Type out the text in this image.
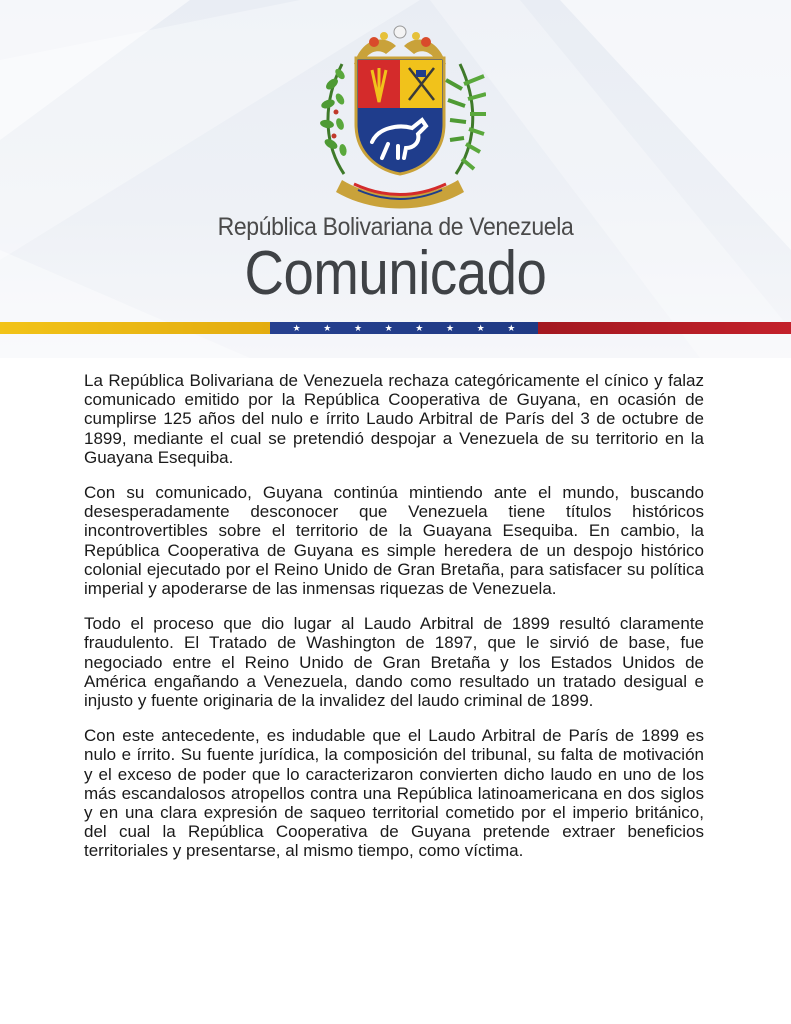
República Bolivariana de Venezuela
Comunicado
★	★	★	★	★	★	★	★

La República Bolivariana de Venezuela rechaza categóricamente el cínico y falaz comunicado emitido por la República Cooperativa de Guyana, en ocasión de cumplirse 125 años del nulo e írrito Laudo Arbitral de París del 3 de octubre de 1899, mediante el cual se pretendió despojar a Venezuela de su territorio en la Guayana Esequiba.

Con su comunicado, Guyana continúa mintiendo ante el mundo, buscando desesperadamente desconocer que Venezuela tiene títulos históricos incontrovertibles sobre el territorio de la Guayana Esequiba. En cambio, la República Cooperativa de Guyana es simple heredera de un despojo histórico colonial ejecutado por el Reino Unido de Gran Bretaña, para satisfacer su política imperial y apoderarse de las inmensas riquezas de Venezuela.

Todo el proceso que dio lugar al Laudo Arbitral de 1899 resultó claramente fraudulento. El Tratado de Washington de 1897, que le sirvió de base, fue negociado entre el Reino Unido de Gran Bretaña y los Estados Unidos de América engañando a Venezuela, dando como resultado un tratado desigual e injusto y fuente originaria de la invalidez del laudo criminal de 1899.

Con este antecedente, es indudable que el Laudo Arbitral de París de 1899 es nulo e írrito. Su fuente jurídica, la composición del tribunal, su falta de motivación y el exceso de poder que lo caracterizaron convierten dicho laudo en uno de los más escandalosos atropellos contra una República latinoamericana en dos siglos y en una clara expresión de saqueo territorial cometido por el imperio británico, del cual la República Cooperativa de Guyana pretende extraer beneficios territoriales y presentarse, al mismo tiempo, como víctima.
